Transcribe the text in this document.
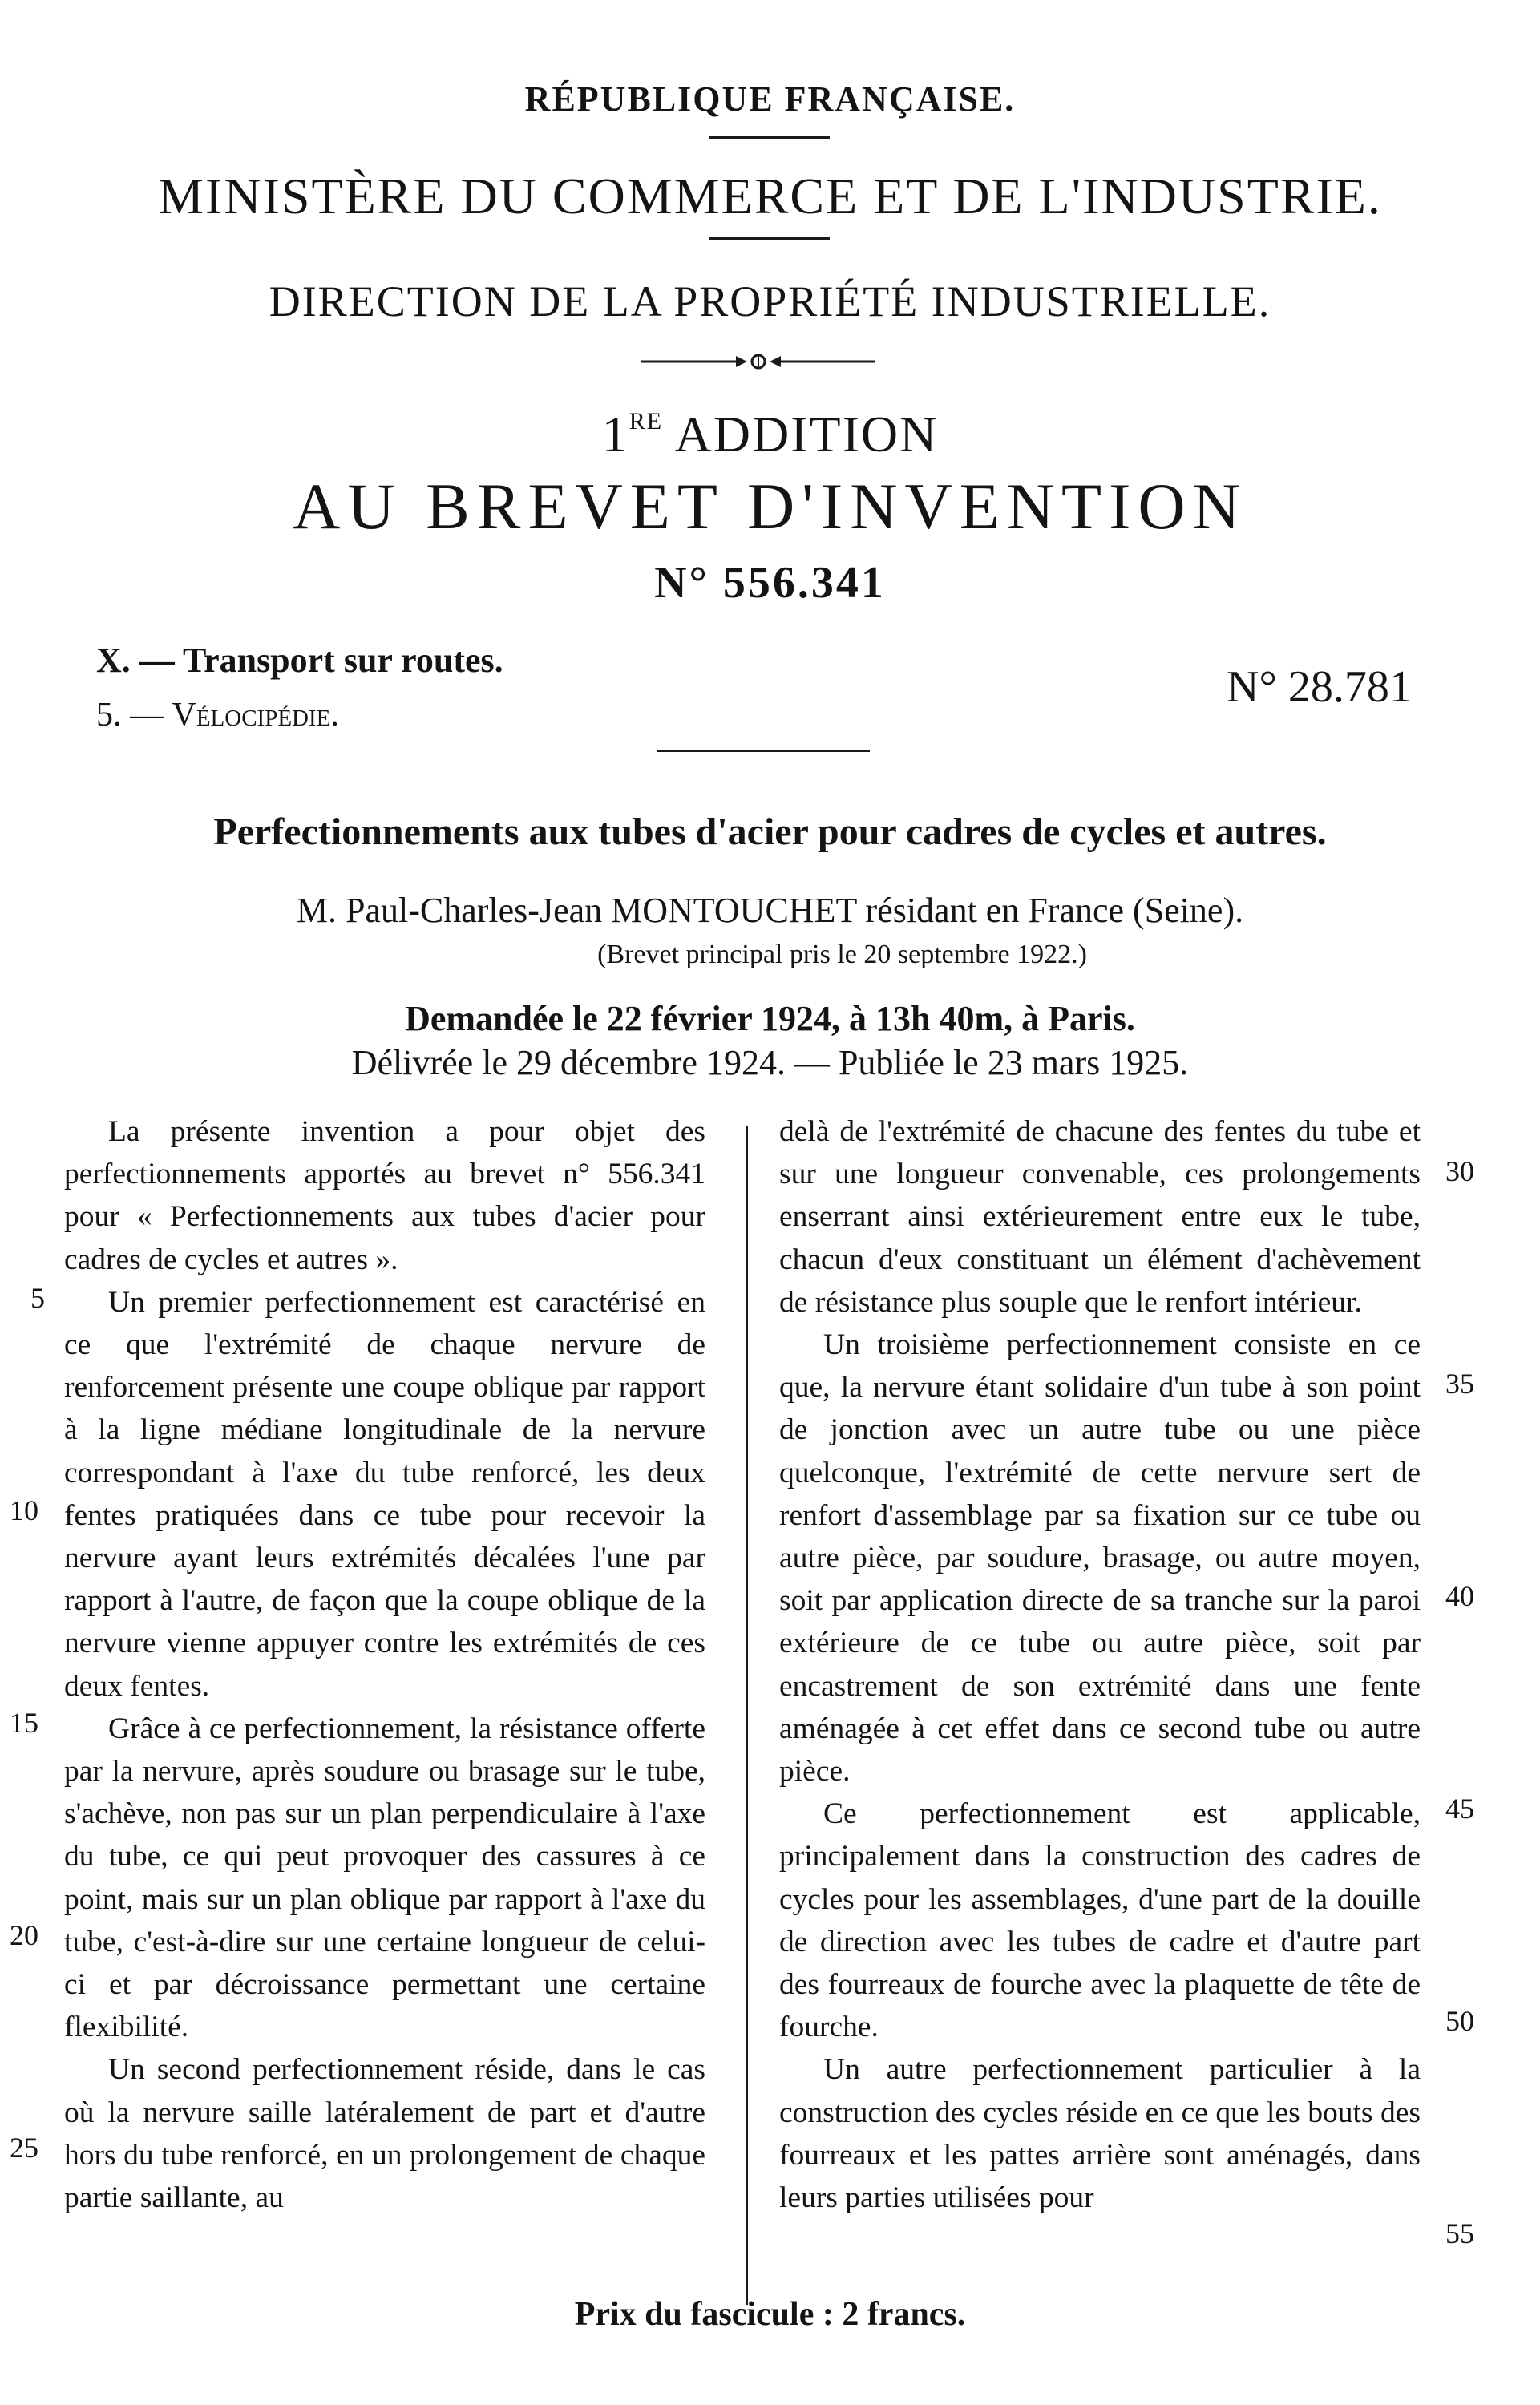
RÉPUBLIQUE FRANÇAISE.
MINISTÈRE DU COMMERCE ET DE L'INDUSTRIE.
DIRECTION DE LA PROPRIÉTÉ INDUSTRIELLE.
1RE ADDITION
AU BREVET D'INVENTION
N° 556.341
X. — Transport sur routes.
5. — Vélocipédie.
N° 28.781
Perfectionnements aux tubes d'acier pour cadres de cycles et autres.
M. Paul-Charles-Jean MONTOUCHET résidant en France (Seine).
(Brevet principal pris le 20 septembre 1922.)
Demandée le 22 février 1924, à 13h 40m, à Paris.
Délivrée le 29 décembre 1924. — Publiée le 23 mars 1925.

La présente invention a pour objet des perfectionnements apportés au brevet n° 556.341 pour « Perfectionnements aux tubes d'acier pour cadres de cycles et autres ».

Un premier perfectionnement est caractérisé en ce que l'extrémité de chaque nervure de renforcement présente une coupe oblique par rapport à la ligne médiane longitudinale de la nervure correspondant à l'axe du tube renforcé, les deux fentes pratiquées dans ce tube pour recevoir la nervure ayant leurs extrémités décalées l'une par rapport à l'autre, de façon que la coupe oblique de la nervure vienne appuyer contre les extrémités de ces deux fentes.

Grâce à ce perfectionnement, la résistance offerte par la nervure, après soudure ou brasage sur le tube, s'achève, non pas sur un plan perpendiculaire à l'axe du tube, ce qui peut provoquer des cassures à ce point, mais sur un plan oblique par rapport à l'axe du tube, c'est-à-dire sur une certaine longueur de celui-ci et par décroissance permettant une certaine flexibilité.

Un second perfectionnement réside, dans le cas où la nervure saille latéralement de part et d'autre hors du tube renforcé, en un prolongement de chaque partie saillante, au

delà de l'extrémité de chacune des fentes du tube et sur une longueur convenable, ces prolongements enserrant ainsi extérieurement entre eux le tube, chacun d'eux constituant un élément d'achèvement de résistance plus souple que le renfort intérieur.

Un troisième perfectionnement consiste en ce que, la nervure étant solidaire d'un tube à son point de jonction avec un autre tube ou une pièce quelconque, l'extrémité de cette nervure sert de renfort d'assemblage par sa fixation sur ce tube ou autre pièce, par soudure, brasage, ou autre moyen, soit par application directe de sa tranche sur la paroi extérieure de ce tube ou autre pièce, soit par encastrement de son extrémité dans une fente aménagée à cet effet dans ce second tube ou autre pièce.

Ce perfectionnement est applicable, principalement dans la construction des cadres de cycles pour les assemblages, d'une part de la douille de direction avec les tubes de cadre et d'autre part des fourreaux de fourche avec la plaquette de tête de fourche.

Un autre perfectionnement particulier à la construction des cycles réside en ce que les bouts des fourreaux et les pattes arrière sont aménagés, dans leurs parties utilisées pour

5
10
15
20
25
30
35
40
45
50
55
Prix du fascicule : 2 francs.
